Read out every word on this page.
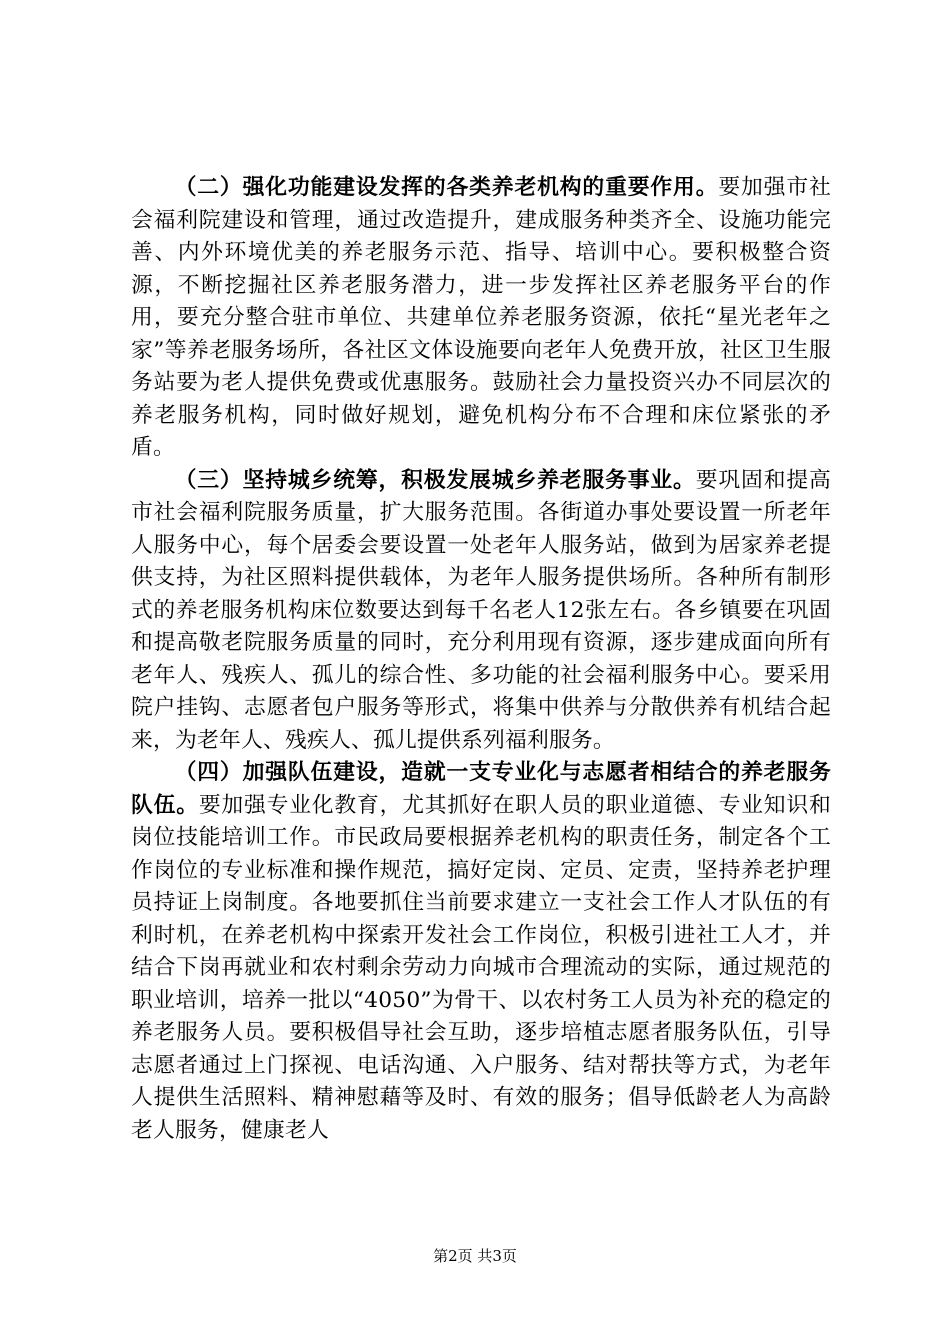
（二）强化功能建设发挥的各类养老机构的重要作用。要加强市社会福利院建设和管理，通过改造提升，建成服务种类齐全、设施功能完善、内外环境优美的养老服务示范、指导、培训中心。要积极整合资源，不断挖掘社区养老服务潜力，进一步发挥社区养老服务平台的作用，要充分整合驻市单位、共建单位养老服务资源，依托“星光老年之家”等养老服务场所，各社区文体设施要向老年人免费开放，社区卫生服务站要为老人提供免费或优惠服务。鼓励社会力量投资兴办不同层次的养老服务机构，同时做好规划，避免机构分布不合理和床位紧张的矛盾。

（三）坚持城乡统筹，积极发展城乡养老服务事业。要巩固和提高市社会福利院服务质量，扩大服务范围。各街道办事处要设置一所老年人服务中心，每个居委会要设置一处老年人服务站，做到为居家养老提供支持，为社区照料提供载体，为老年人服务提供场所。各种所有制形式的养老服务机构床位数要达到每千名老人12张左右。各乡镇要在巩固和提高敬老院服务质量的同时，充分利用现有资源，逐步建成面向所有老年人、残疾人、孤儿的综合性、多功能的社会福利服务中心。要采用院户挂钩、志愿者包户服务等形式，将集中供养与分散供养有机结合起来，为老年人、残疾人、孤儿提供系列福利服务。

（四）加强队伍建设，造就一支专业化与志愿者相结合的养老服务队伍。要加强专业化教育，尤其抓好在职人员的职业道德、专业知识和岗位技能培训工作。市民政局要根据养老机构的职责任务，制定各个工作岗位的专业标准和操作规范，搞好定岗、定员、定责，坚持养老护理员持证上岗制度。各地要抓住当前要求建立一支社会工作人才队伍的有利时机，在养老机构中探索开发社会工作岗位，积极引进社工人才，并结合下岗再就业和农村剩余劳动力向城市合理流动的实际，通过规范的职业培训，培养一批以“4050”为骨干、以农村务工人员为补充的稳定的养老服务人员。要积极倡导社会互助，逐步培植志愿者服务队伍，引导志愿者通过上门探视、电话沟通、入户服务、结对帮扶等方式，为老年人提供生活照料、精神慰藉等及时、有效的服务；倡导低龄老人为高龄老人服务，健康老人

第2页 共3页
